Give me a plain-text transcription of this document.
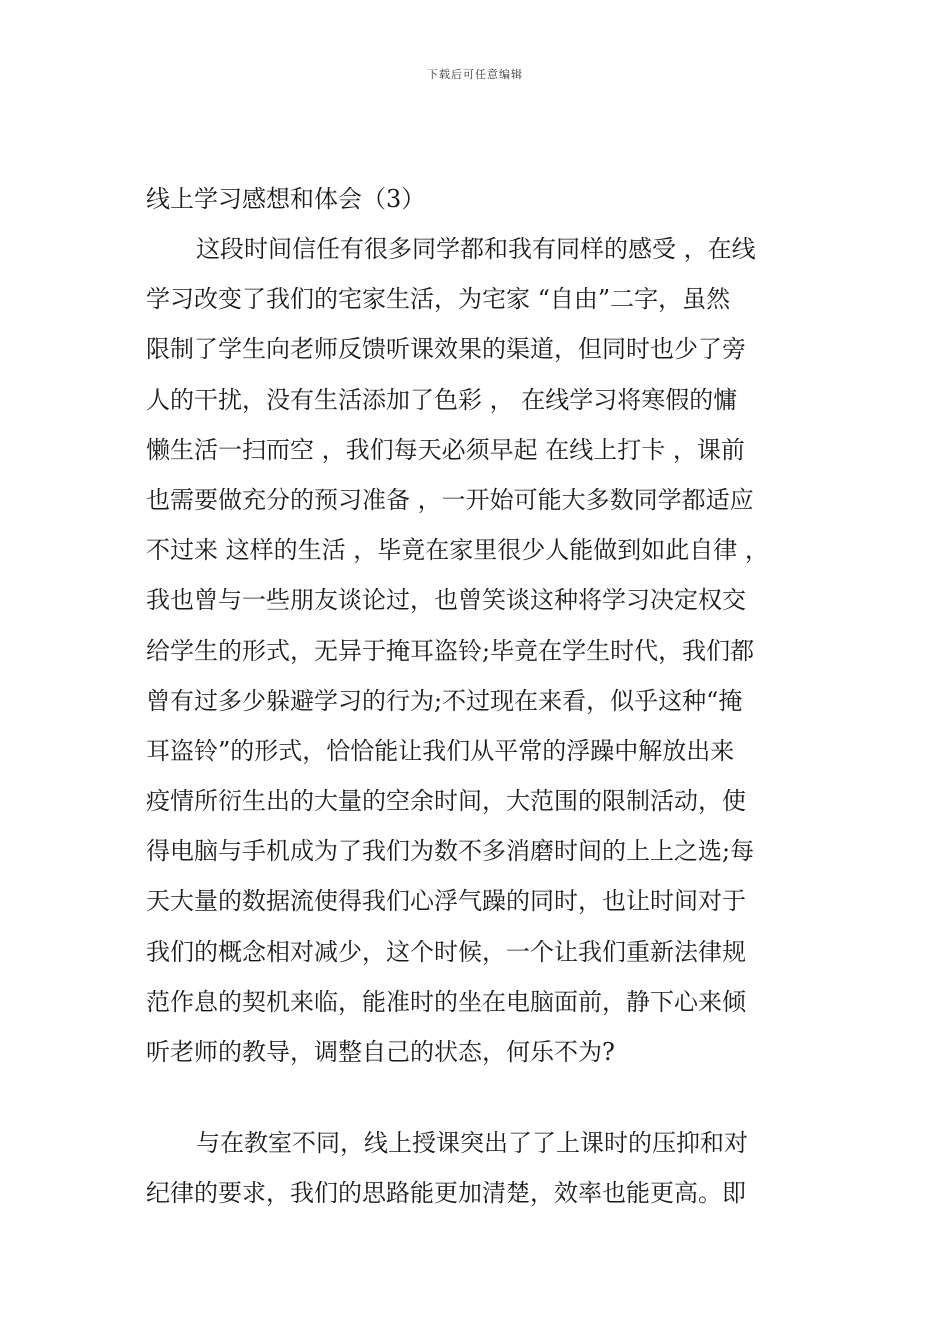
下载后可任意编辑
线上学习感想和体会（3）
这段时间信任有很多同学都和我有同样的感受 ，在线
学习改变了我们的宅家生活，为宅家 “自由”二字，虽然
限制了学生向老师反馈听课效果的渠道，但同时也少了旁
人的干扰，没有生活添加了色彩 ， 在线学习将寒假的慵
懒生活一扫而空 ，我们每天必须早起 在线上打卡 ，课前
也需要做充分的预习准备 ，一开始可能大多数同学都适应
不过来 这样的生活 ，毕竟在家里很少人能做到如此自律 ，
我也曾与一些朋友谈论过，也曾笑谈这种将学习决定权交
给学生的形式，无异于掩耳盗铃;毕竟在学生时代，我们都
曾有过多少躲避学习的行为;不过现在来看，似乎这种“掩
耳盗铃”的形式，恰恰能让我们从平常的浮躁中解放出来
疫情所衍生出的大量的空余时间，大范围的限制活动，使
得电脑与手机成为了我们为数不多消磨时间的上上之选;每
天大量的数据流使得我们心浮气躁的同时，也让时间对于
我们的概念相对减少，这个时候，一个让我们重新法律规
范作息的契机来临，能准时的坐在电脑面前，静下心来倾
听老师的教导，调整自己的状态，何乐不为?
与在教室不同，线上授课突出了了上课时的压抑和对
纪律的要求，我们的思路能更加清楚，效率也能更高。即
